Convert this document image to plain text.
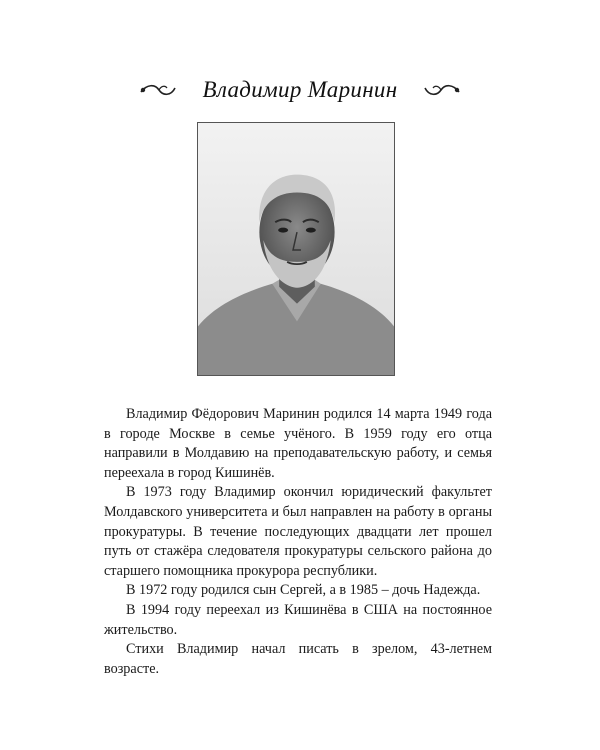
Владимир Маринин

Владимир Фёдорович Маринин родился 14 марта 1949 года в городе Москве в семье учёного. В 1959 году его отца направили в Молдавию на преподавательскую работу, и семья переехала в город Кишинёв.

В 1973 году Владимир окончил юридический факультет Молдавского университета и был направлен на работу в органы прокуратуры. В течение последующих двадцати лет прошел путь от стажёра следователя прокуратуры сельского района до старшего помощника прокурора республики.

В 1972 году родился сын Сергей, а в 1985 – дочь Надежда.

В 1994 году переехал из Кишинёва в США на постоянное жительство.

Стихи Владимир начал писать в зрелом, 43-летнем возрасте.
